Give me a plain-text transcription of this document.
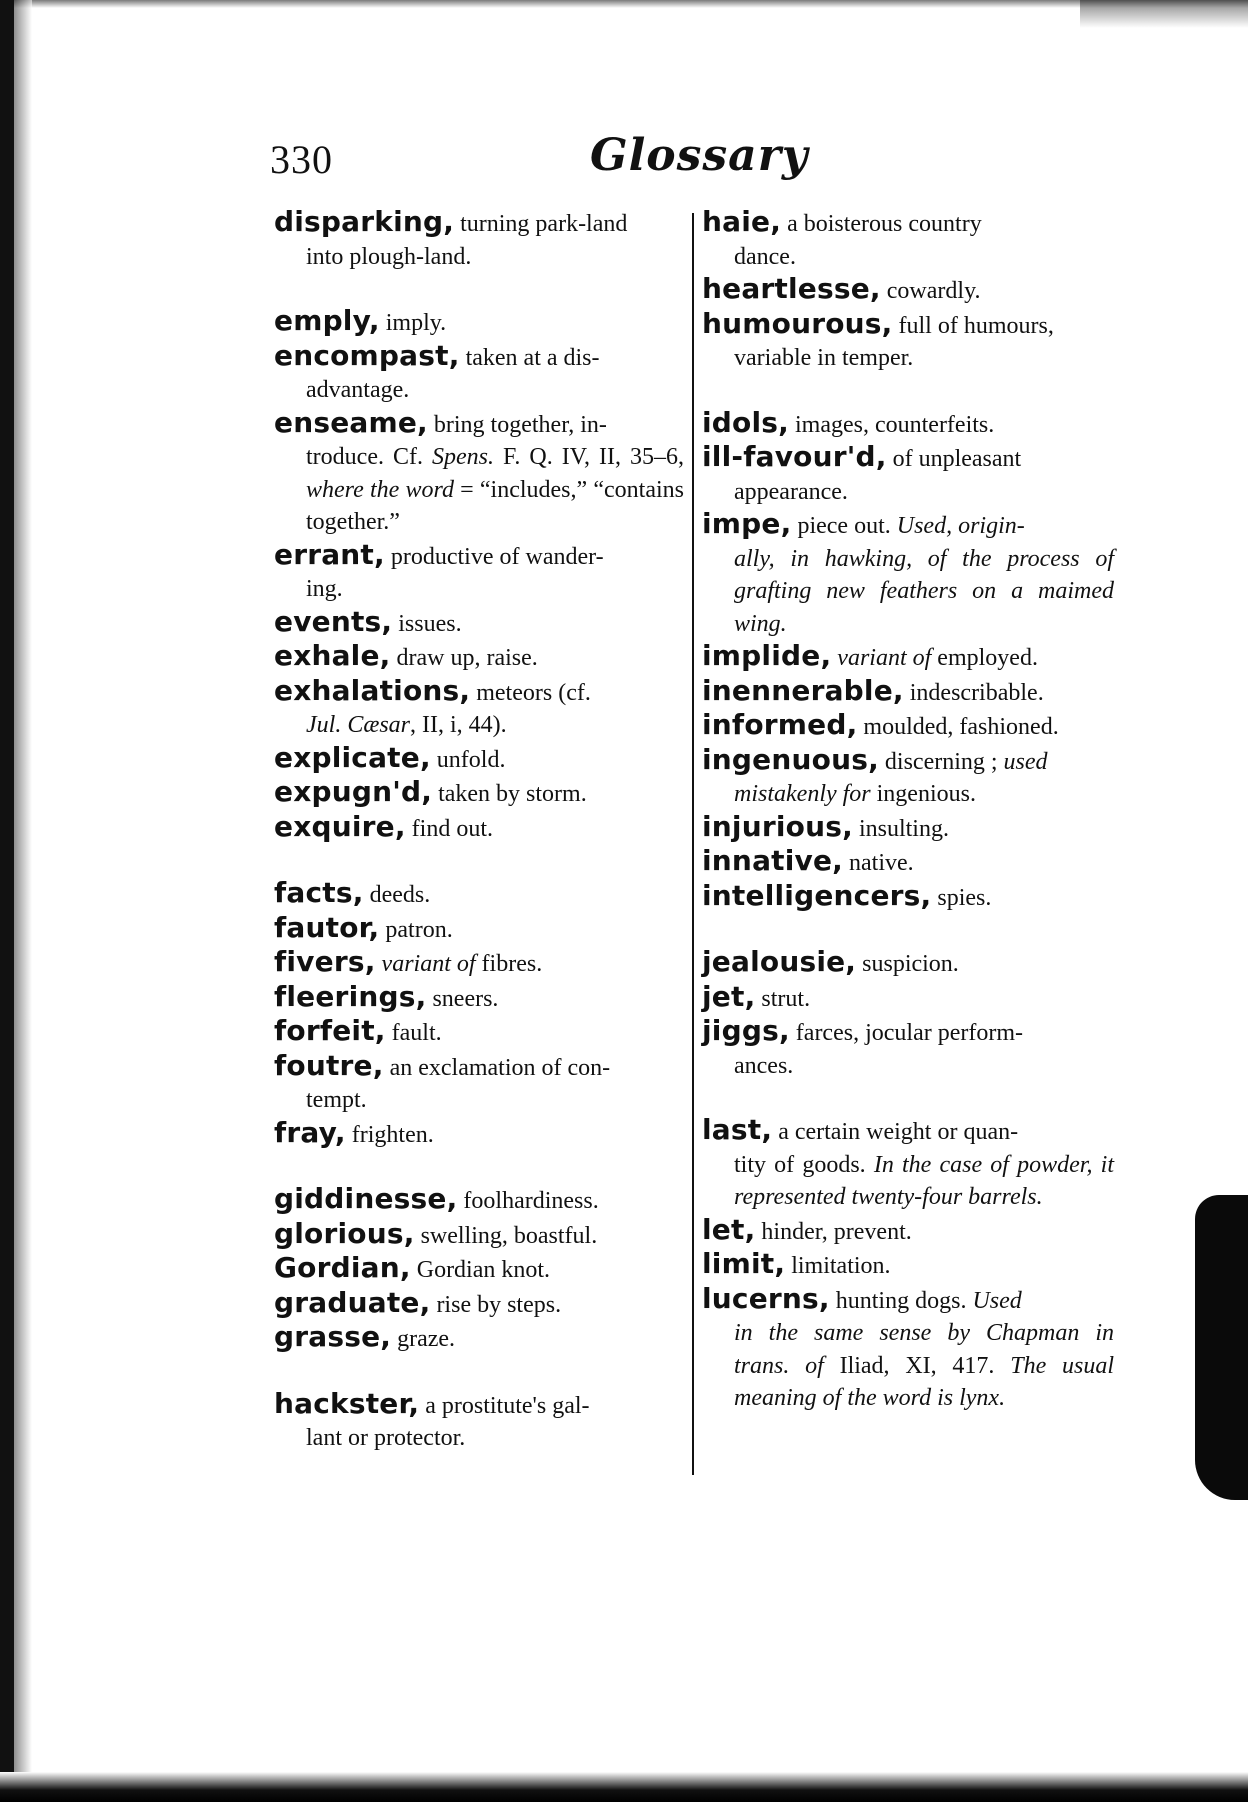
330	Glossary
disparking, turning park-land
into plough-land.
emply, imply.
encompast, taken at a dis-
advantage.
enseame, bring together, in-
troduce. Cf. Spens. F. Q. IV, II, 35–6, where the word = “includes,” “contains together.”
errant, productive of wander-
ing.
events, issues.
exhale, draw up, raise.
exhalations, meteors (cf.
Jul. Cæsar, II, i, 44).
explicate, unfold.
expugn'd, taken by storm.
exquire, find out.
facts, deeds.
fautor, patron.
fivers, variant of fibres.
fleerings, sneers.
forfeit, fault.
foutre, an exclamation of con-
tempt.
fray, frighten.
giddinesse, foolhardiness.
glorious, swelling, boastful.
Gordian, Gordian knot.
graduate, rise by steps.
grasse, graze.
hackster, a prostitute's gal-
lant or protector.
haie, a boisterous country
dance.
heartlesse, cowardly.
humourous, full of humours,
variable in temper.
idols, images, counterfeits.
ill-favour'd, of unpleasant
appearance.
impe, piece out. Used, origin-
ally, in hawking, of the process of grafting new feathers on a maimed wing.
implide, variant of employed.
inennerable, indescribable.
informed, moulded, fashioned.
ingenuous, discerning ; used
mistakenly for ingenious.
injurious, insulting.
innative, native.
intelligencers, spies.
jealousie, suspicion.
jet, strut.
jiggs, farces, jocular perform-
ances.
last, a certain weight or quan-
tity of goods. In the case of powder, it represented twenty-four barrels.
let, hinder, prevent.
limit, limitation.
lucerns, hunting dogs. Used
in the same sense by Chapman in trans. of Iliad, XI, 417. The usual meaning of the word is lynx.
